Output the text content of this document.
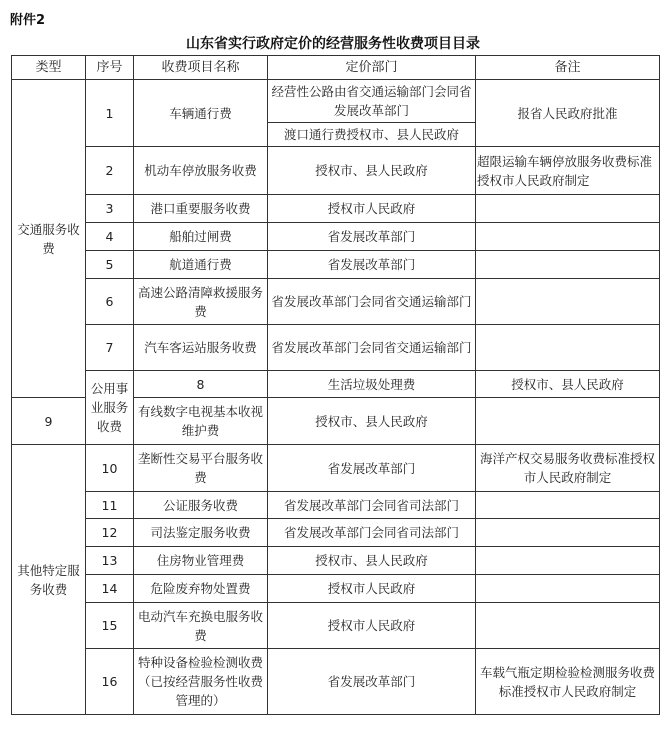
附件2
山东省实行政府定价的经营服务性收费项目目录
类型	序号	收费项目名称	定价部门	备注	
交通服务收费	1	车辆通行费	经营性公路由省交通运输部门会同省发展改革部门	报省人民政府批准	
			渡口通行费授权市、县人民政府		
	2	机动车停放服务收费	授权市、县人民政府	超限运输车辆停放服务收费标准授权市人民政府制定	
	3	港口重要服务收费	授权市人民政府		
	4	船舶过闸费	省发展改革部门		
	5	航道通行费	省发展改革部门		
	6	高速公路清障救援服务费	省发展改革部门会同省交通运输部门		
	7	汽车客运站服务收费	省发展改革部门会同省交通运输部门		
	公用事业服务收费	8	生活垃圾处理费	授权市、县人民政府	
9		有线数字电视基本收视维护费	授权市、县人民政府		
其他特定服务收费	10	垄断性交易平台服务收费	省发展改革部门	海洋产权交易服务收费标准授权市人民政府制定	
	11	公证服务收费	省发展改革部门会同省司法部门		
	12	司法鉴定服务收费	省发展改革部门会同省司法部门		
	13	住房物业管理费	授权市、县人民政府		
	14	危险废弃物处置费	授权市人民政府		
	15	电动汽车充换电服务收费	授权市人民政府		
	16	特种设备检验检测收费（已按经营服务性收费管理的）	省发展改革部门	车载气瓶定期检验检测服务收费标准授权市人民政府制定	
